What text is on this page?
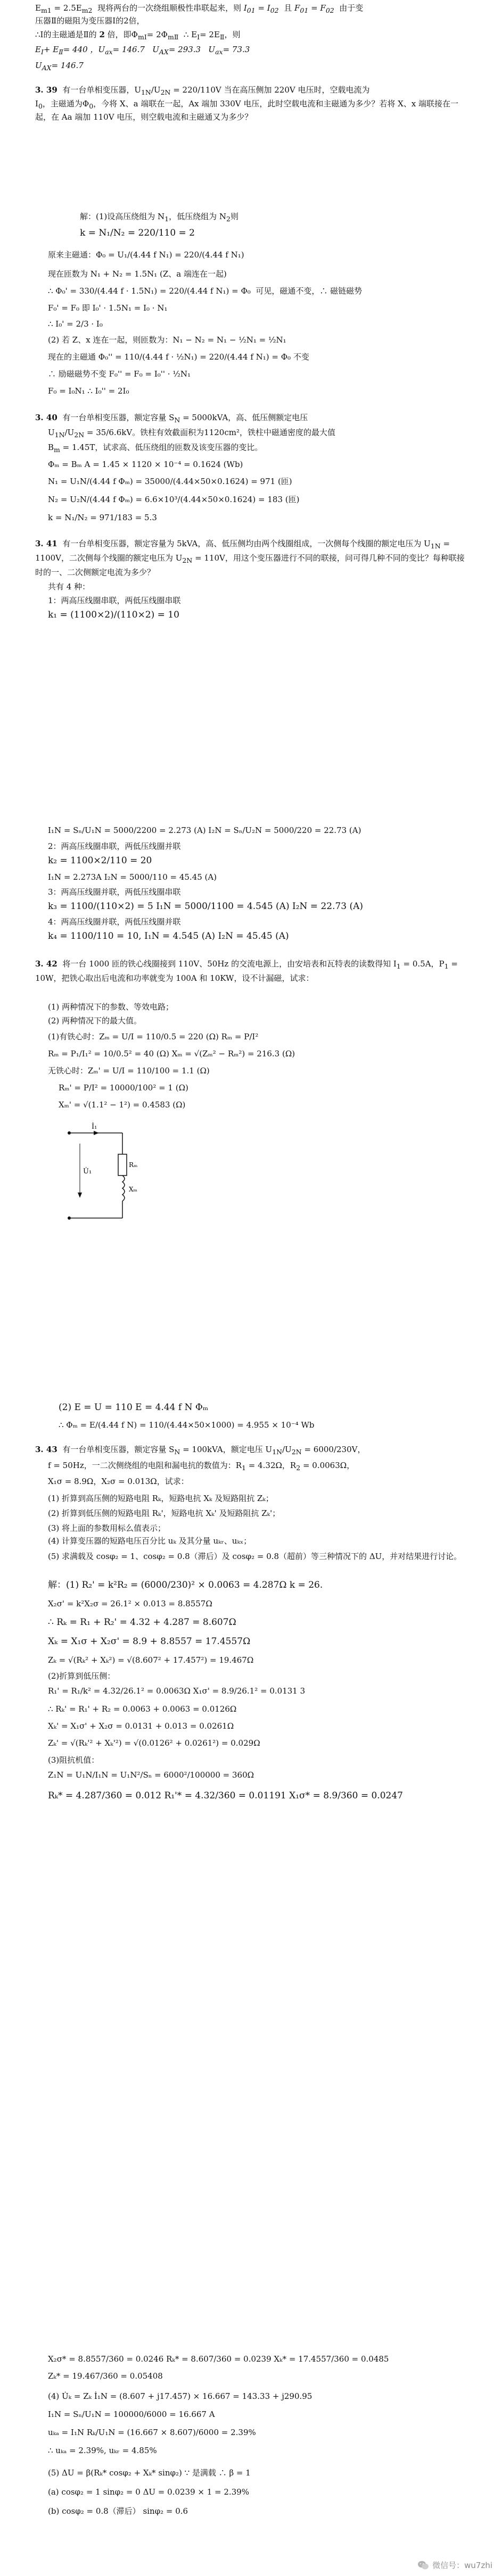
$E_{m1} = 2.5E_{m2}$ 现将两台的一次绕组顺极性串联起来，则 $I_{01} = I_{02}$ 且 $F_{01} = F_{02}$ 由于变
压器Ⅱ的磁阻为变压器Ⅰ的2倍，
∴Ⅰ的主磁通是Ⅱ的 2 倍，即$\Phi_{mⅠ}= 2\Phi_{mⅡ}$ ∴ $E_Ⅰ= 2E_Ⅱ$，则
$E_Ⅰ+ E_Ⅱ= 440$ ，$U_{ax}= 146.7$ $U_{AX}= 293.3$ $U_{ax}= 73.3$
$U_{AX}= 146.7$
3. 39 有一台单相变压器，$U_{1N}/U_{2N} = 220/110V$ 当在高压侧加 220V 电压时，空载电流为
$I_0$，主磁通为$\Phi_0$，今将 X、a 端联在一起，Ax 端加 330V 电压，此时空载电流和主磁通为多少？若将 X、x 端联接在一起，在 Aa 端加 110V 电压，则空载电流和主磁通又为多少？
解：(1)设高压绕组为 $N_1$，低压绕组为 $N_2$则
k = N₁/N₂ = 220/110 = 2
原来主磁通：Φ₀ = U₁/(4.44 f N₁) = 220/(4.44 f N₁)
现在匝数为 N₁ + N₂ = 1.5N₁ (Z、a 端连在一起)
∴ Φ₀' = 330/(4.44 f · 1.5N₁) = 220/(4.44 f N₁) = Φ₀ 可见，磁通不变，∴ 磁链磁势
F₀' = F₀ 即 I₀' · 1.5N₁ = I₀ · N₁
∴ I₀' = 2/3 · I₀
(2) 若 Z、x 连在一起，则匝数为：N₁ − N₂ = N₁ − ½N₁ = ½N₁
现在的主磁通 Φ₀'' = 110/(4.44 f · ½N₁) = 220/(4.44 f N₁) = Φ₀ 不变
∴ 励磁磁势不变 F₀'' = F₀ = I₀'' · ½N₁
F₀ = I₀N₁ ∴ I₀'' = 2I₀
3. 40 有一台单相变压器，额定容量 $S_N = 5000kVA$，高、低压侧额定电压
$U_{1N}/U_{2N} = 35/6.6kV$。铁柱有效截面积为1120cm²，铁柱中磁通密度的最大值
$B_m = 1.45T$，试求高、低压绕组的匝数及该变压器的变比。
Φₘ = Bₘ A = 1.45 × 1120 × 10⁻⁴ = 0.1624 (Wb)
N₁ = U₁N/(4.44 f Φₘ) = 35000/(4.44×50×0.1624) = 971 (匝)
N₂ = U₂N/(4.44 f Φₘ) = 6.6×10³/(4.44×50×0.1624) = 183 (匝)
k = N₁/N₂ = 971/183 = 5.3
3. 41 有一台单相变压器，额定容量为 5kVA，高、低压侧均由两个线圈组成，一次侧每个线圈的额定电压为 $U_{1N} = 1100V$，二次侧每个线圈的额定电压为 $U_{2N} = 110V$，用这个变压器进行不同的联接，问可得几种不同的变比？每种联接时的一、二次侧额定电流为多少？
共有 4 种：
1：两高压线圈串联，两低压线圈串联
k₁ = (1100×2)/(110×2) = 10
I₁N = Sₙ/U₁N = 5000/2200 = 2.273 (A) I₂N = Sₙ/U₂N = 5000/220 = 22.73 (A)
2：两高压线圈串联，两低压线圈并联
k₂ = 1100×2/110 = 20
I₁N = 2.273A I₂N = 5000/110 = 45.45 (A)
3：两高压线圈并联，两低压线圈串联
k₃ = 1100/(110×2) = 5 I₁N = 5000/1100 = 4.545 (A) I₂N = 22.73 (A)
4：两高压线圈并联，两低压线圈并联
k₄ = 1100/110 = 10, I₁N = 4.545 (A) I₂N = 45.45 (A)
3. 42 将一台 1000 匝的铁心线圈接到 110V、50Hz 的交流电源上，由安培表和瓦特表的读数得知 $I_1 = 0.5A$，$P_1 = 10W$，把铁心取出后电流和功率就变为 100A 和 10KW，设不计漏磁，试求：
(1) 两种情况下的参数、等效电路；
(2) 两种情况下的最大值。
(1)有铁心时：Zₘ = U/I = 110/0.5 = 220 (Ω) Rₘ = P/I²
Rₘ = P₁/I₁² = 10/0.5² = 40 (Ω) Xₘ = √(Zₘ² − Rₘ²) = 216.3 (Ω)
无铁心时：Zₘ' = U/I = 110/100 = 1.1 (Ω)
Rₘ' = P/I² = 10000/100² = 1 (Ω)
Xₘ' = √(1.1² − 1²) = 0.4583 (Ω)
İ₁
U̇₁
Rₘ
Xₘ
(2) E = U = 110 E = 4.44 f N Φₘ
∴ Φₘ = E/(4.44 f N) = 110/(4.44×50×1000) = 4.955 × 10⁻⁴ Wb
3. 43 有一台单相变压器，额定容量 $S_N = 100kVA$，额定电压 $U_{1N}/U_{2N} = 6000/230V$，
f = 50Hz，一二次侧绕组的电阻和漏电抗的数值为：$R_1 = 4.32\Omega$，$R_2 = 0.0063\Omega$，
X₁σ = 8.9Ω，X₂σ = 0.013Ω，试求：
(1) 折算到高压侧的短路电阻 Rₖ，短路电抗 Xₖ 及短路阻抗 Zₖ；
(2) 折算到低压侧的短路电阻 Rₖ'，短路电抗 Xₖ' 及短路阻抗 Zₖ'；
(3) 将上面的参数用标么值表示；
(4) 计算变压器的短路电压百分比 uₖ 及其分量 uₖᵣ、uₖₓ；
(5) 求满载及 cosφ₂ = 1、cosφ₂ = 0.8（滞后）及 cosφ₂ = 0.8（超前）等三种情况下的 ΔU，并对结果进行讨论。
解：(1) R₂' = k²R₂ = (6000/230)² × 0.0063 = 4.287Ω k = 26.
X₂σ' = k²X₂σ = 26.1² × 0.013 = 8.8557Ω
∴ Rₖ = R₁ + R₂' = 4.32 + 4.287 = 8.607Ω
Xₖ = X₁σ + X₂σ' = 8.9 + 8.8557 = 17.4557Ω
Zₖ = √(Rₖ² + Xₖ²) = √(8.607² + 17.457²) = 19.467Ω
(2)折算到低压侧：
R₁' = R₁/k² = 4.32/26.1² = 0.0063Ω X₁σ' = 8.9/26.1² = 0.0131 3
∴ Rₖ' = R₁' + R₂ = 0.0063 + 0.0063 = 0.0126Ω
Xₖ' = X₁σ' + X₂σ = 0.0131 + 0.013 = 0.0261Ω
Zₖ' = √(Rₖ'² + Xₖ'²) = √(0.0126² + 0.0261²) = 0.029Ω
(3)阻抗机值：
Z₁N = U₁N/I₁N = U₁N²/Sₙ = 6000²/100000 = 360Ω
Rₖ* = 4.287/360 = 0.012 R₁'* = 4.32/360 = 0.01191 X₁σ* = 8.9/360 = 0.0247
X₂σ* = 8.8557/360 = 0.0246 Rₖ* = 8.607/360 = 0.0239 Xₖ* = 17.4557/360 = 0.0485
Zₖ* = 19.467/360 = 0.05408
(4) U̇ₖ = Zₖ İ₁N = (8.607 + j17.457) × 16.667 = 143.33 + j290.95
I₁N = Sₙ/U₁N = 100000/6000 = 16.667 A
uₖₐ = I₁N Rₖ/U₁N = (16.667 × 8.607)/6000 = 2.39%
∴ uₖₐ = 2.39%, uₖᵣ = 4.85%
(5) ΔU = β(Rₖ* cosφ₂ + Xₖ* sinφ₂) ∵ 是满载 ∴ β = 1
(a) cosφ₂ = 1 sinφ₂ = 0 ΔU = 0.0239 × 1 = 2.39%
(b) cosφ₂ = 0.8（滞后） sinφ₂ = 0.6
微信号：wu7zhi
